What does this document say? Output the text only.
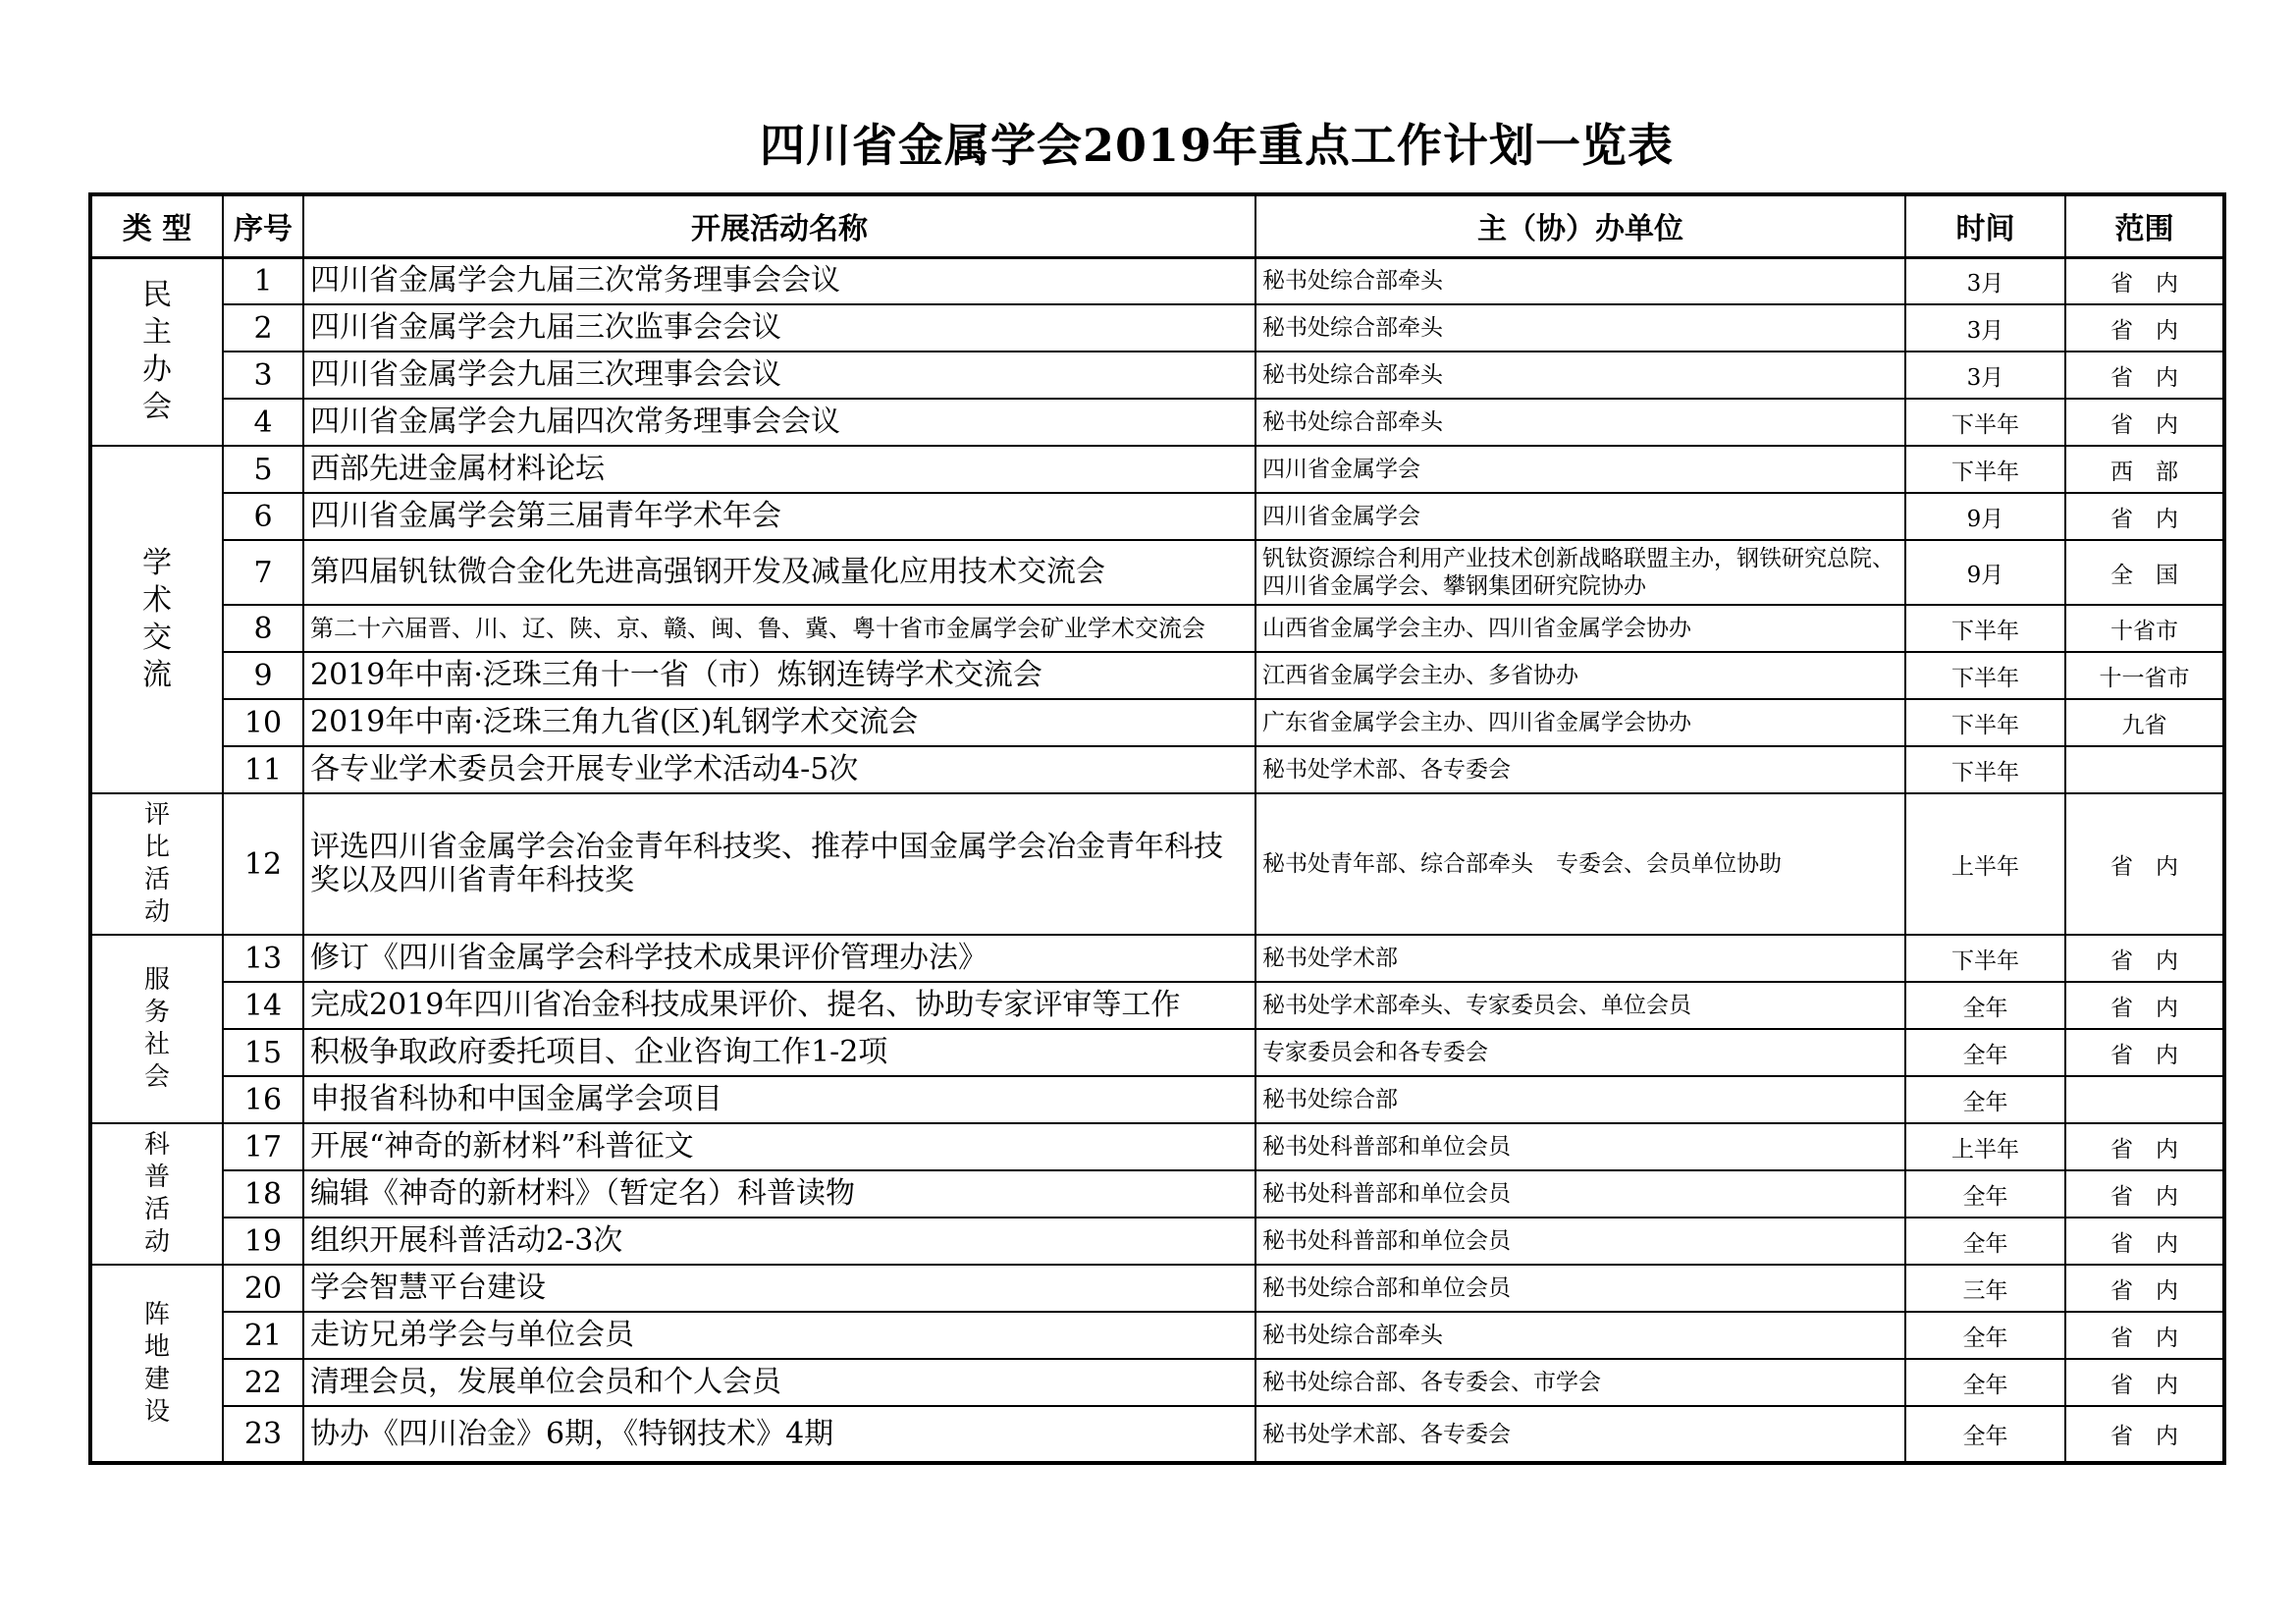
四川省金属学会2019年重点工作计划一览表
类 型	序号	开展活动名称	主（协）办单位	时间	范围
民主办会	1	四川省金属学会九届三次常务理事会会议	秘书处综合部牵头	3月	省　内
	2	四川省金属学会九届三次监事会会议	秘书处综合部牵头	3月	省　内
	3	四川省金属学会九届三次理事会会议	秘书处综合部牵头	3月	省　内
	4	四川省金属学会九届四次常务理事会会议	秘书处综合部牵头	下半年	省　内
学术交流	5	西部先进金属材料论坛	四川省金属学会	下半年	西　部
	6	四川省金属学会第三届青年学术年会	四川省金属学会	9月	省　内
	7	第四届钒钛微合金化先进高强钢开发及减量化应用技术交流会	钒钛资源综合利用产业技术创新战略联盟主办，钢铁研究总院、四川省金属学会、攀钢集团研究院协办	9月	全　国
	8	第二十六届晋、川、辽、陕、京、赣、闽、鲁、冀、粤十省市金属学会矿业学术交流会	山西省金属学会主办、四川省金属学会协办	下半年	十省市
	9	2019年中南·泛珠三角十一省（市）炼钢连铸学术交流会	江西省金属学会主办、多省协办	下半年	十一省市
	10	2019年中南·泛珠三角九省(区)轧钢学术交流会	广东省金属学会主办、四川省金属学会协办	下半年	九省
	11	各专业学术委员会开展专业学术活动4-5次	秘书处学术部、各专委会	下半年	
评比活动	12	评选四川省金属学会冶金青年科技奖、推荐中国金属学会冶金青年科技奖以及四川省青年科技奖	秘书处青年部、综合部牵头　专委会、会员单位协助	上半年	省　内
服务社会	13	修订《四川省金属学会科学技术成果评价管理办法》	秘书处学术部	下半年	省　内
	14	完成2019年四川省冶金科技成果评价、提名、协助专家评审等工作	秘书处学术部牵头、专家委员会、单位会员	全年	省　内
	15	积极争取政府委托项目、企业咨询工作1-2项	专家委员会和各专委会	全年	省　内
	16	申报省科协和中国金属学会项目	秘书处综合部	全年	
科普活动	17	开展“神奇的新材料”科普征文	秘书处科普部和单位会员	上半年	省　内
	18	编辑《神奇的新材料》（暂定名）科普读物	秘书处科普部和单位会员	全年	省　内
	19	组织开展科普活动2-3次	秘书处科普部和单位会员	全年	省　内
阵地建设	20	学会智慧平台建设	秘书处综合部和单位会员	三年	省　内
	21	走访兄弟学会与单位会员	秘书处综合部牵头	全年	省　内
	22	清理会员，发展单位会员和个人会员	秘书处综合部、各专委会、市学会	全年	省　内
	23	协办《四川冶金》6期，《特钢技术》4期	秘书处学术部、各专委会	全年	省　内
